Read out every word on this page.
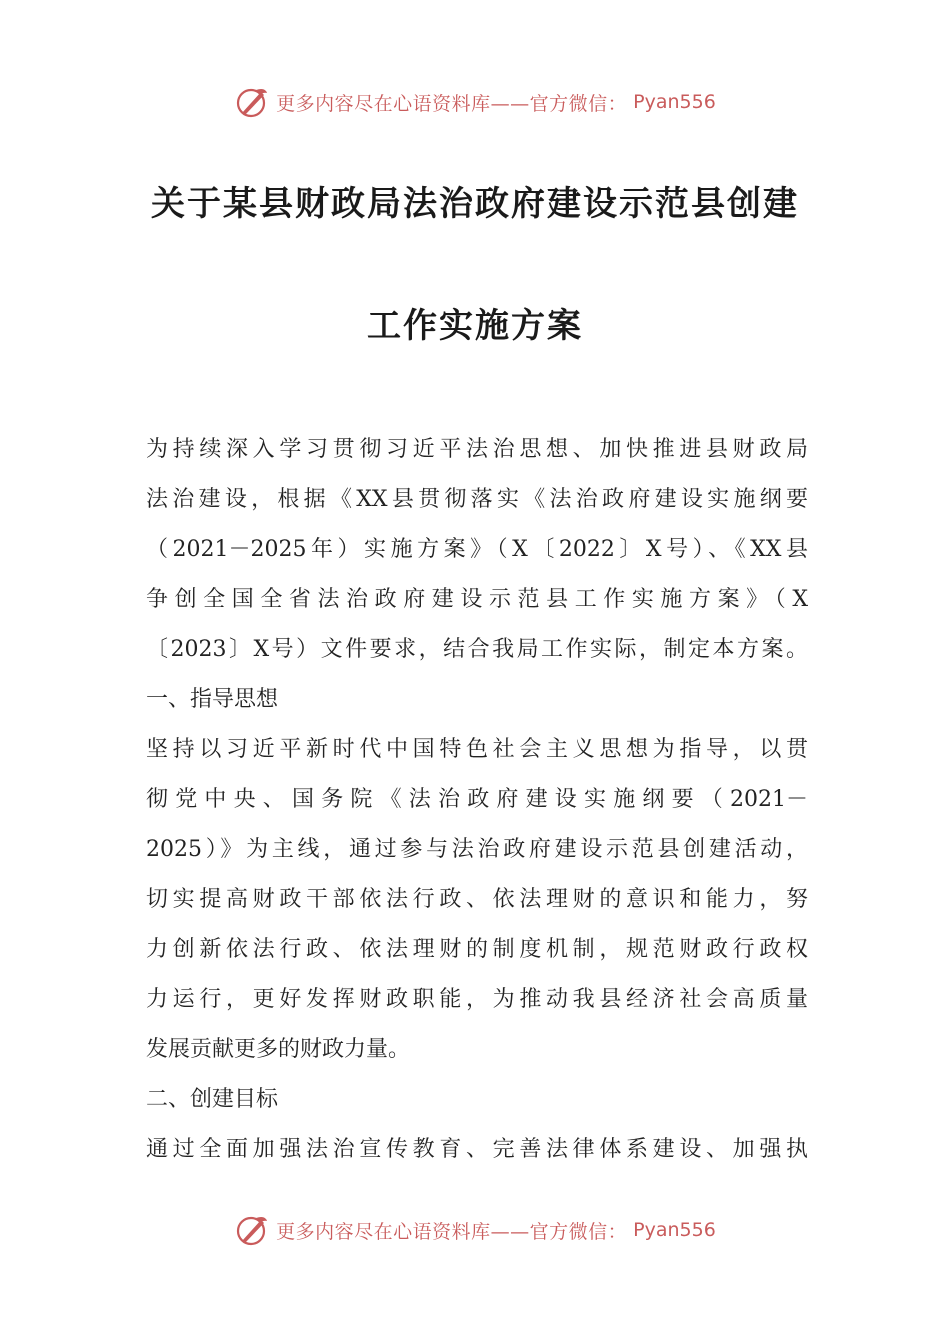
更多内容尽在心语资料库——官方微信： Pyan556
关于某县财政局法治政府建设示范县创建
工作实施方案
为持续深入学习贯彻习近平法治思想、加快推进县财政局
法治建设，根据《XX县贯彻落实《法治政府建设实施纲要
（2021－2025年）实施方案》（X〔2022〕X号）、《XX县
争创全国全省法治政府建设示范县工作实施方案》（X
〔2023〕X号）文件要求，结合我局工作实际，制定本方案。
一、指导思想
坚持以习近平新时代中国特色社会主义思想为指导，以贯
彻党中央、国务院《法治政府建设实施纲要（2021－
2025）》为主线，通过参与法治政府建设示范县创建活动，
切实提高财政干部依法行政、依法理财的意识和能力，努
力创新依法行政、依法理财的制度机制，规范财政行政权
力运行，更好发挥财政职能，为推动我县经济社会高质量
发展贡献更多的财政力量。
二、创建目标
通过全面加强法治宣传教育、完善法律体系建设、加强执
更多内容尽在心语资料库——官方微信： Pyan556
